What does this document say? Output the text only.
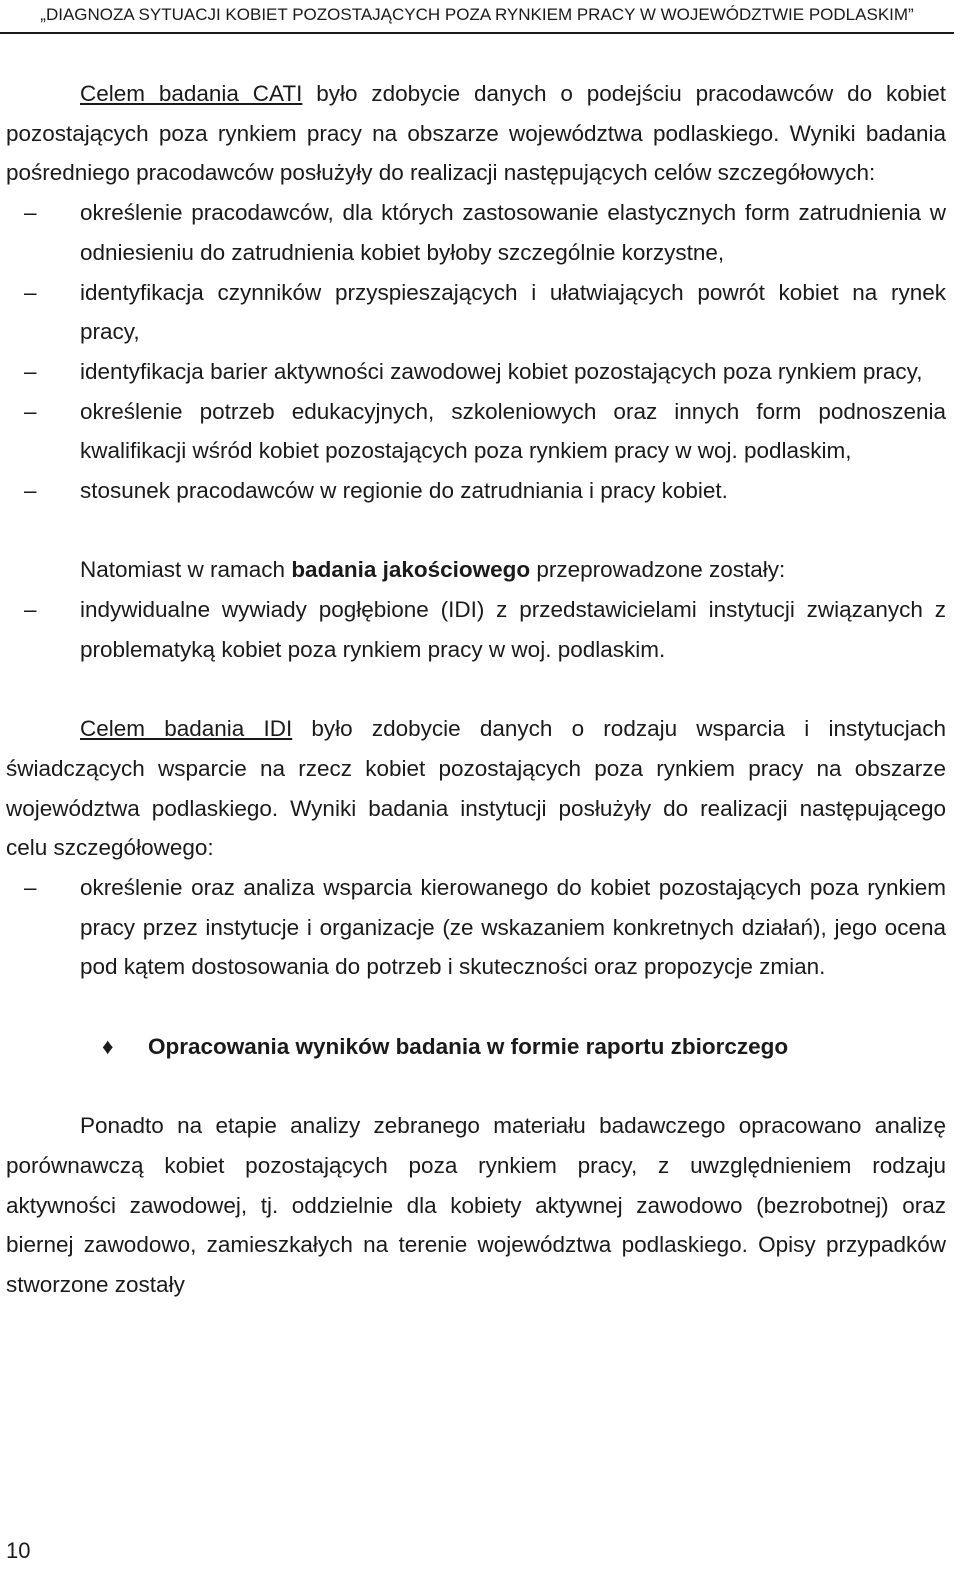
„DIAGNOZA SYTUACJI KOBIET POZOSTAJĄCYCH POZA RYNKIEM PRACY W WOJEWÓDZTWIE PODLASKIM”

Celem badania CATI było zdobycie danych o podejściu pracodawców do kobiet pozostających poza rynkiem pracy na obszarze województwa podlaskiego. Wyniki badania pośredniego pracodawców posłużyły do realizacji następujących celów szczegółowych:

– określenie pracodawców, dla których zastosowanie elastycznych form zatrudnienia w odniesieniu do zatrudnienia kobiet byłoby szczególnie korzystne,
– identyfikacja czynników przyspieszających i ułatwiających powrót kobiet na rynek pracy,
– identyfikacja barier aktywności zawodowej kobiet pozostających poza rynkiem pracy,
– określenie potrzeb edukacyjnych, szkoleniowych oraz innych form podnoszenia kwalifikacji wśród kobiet pozostających poza rynkiem pracy w woj. podlaskim,
– stosunek pracodawców w regionie do zatrudniania i pracy kobiet.

Natomiast w ramach badania jakościowego przeprowadzone zostały:

– indywidualne wywiady pogłębione (IDI) z przedstawicielami instytucji związanych z problematyką kobiet poza rynkiem pracy w woj. podlaskim.

Celem badania IDI było zdobycie danych o rodzaju wsparcia i instytucjach świadczących wsparcie na rzecz kobiet pozostających poza rynkiem pracy na obszarze województwa podlaskiego. Wyniki badania instytucji posłużyły do realizacji następującego celu szczegółowego:

– określenie oraz analiza wsparcia kierowanego do kobiet pozostających poza rynkiem pracy przez instytucje i organizacje (ze wskazaniem konkretnych działań), jego ocena pod kątem dostosowania do potrzeb i skuteczności oraz propozycje zmian.
♦ Opracowania wyników badania w formie raportu zbiorczego

Ponadto na etapie analizy zebranego materiału badawczego opracowano analizę porównawczą kobiet pozostających poza rynkiem pracy, z uwzględnieniem rodzaju aktywności zawodowej, tj. oddzielnie dla kobiety aktywnej zawodowo (bezrobotnej) oraz biernej zawodowo, zamieszkałych na terenie województwa podlaskiego. Opisy przypadków stworzone zostały

10
